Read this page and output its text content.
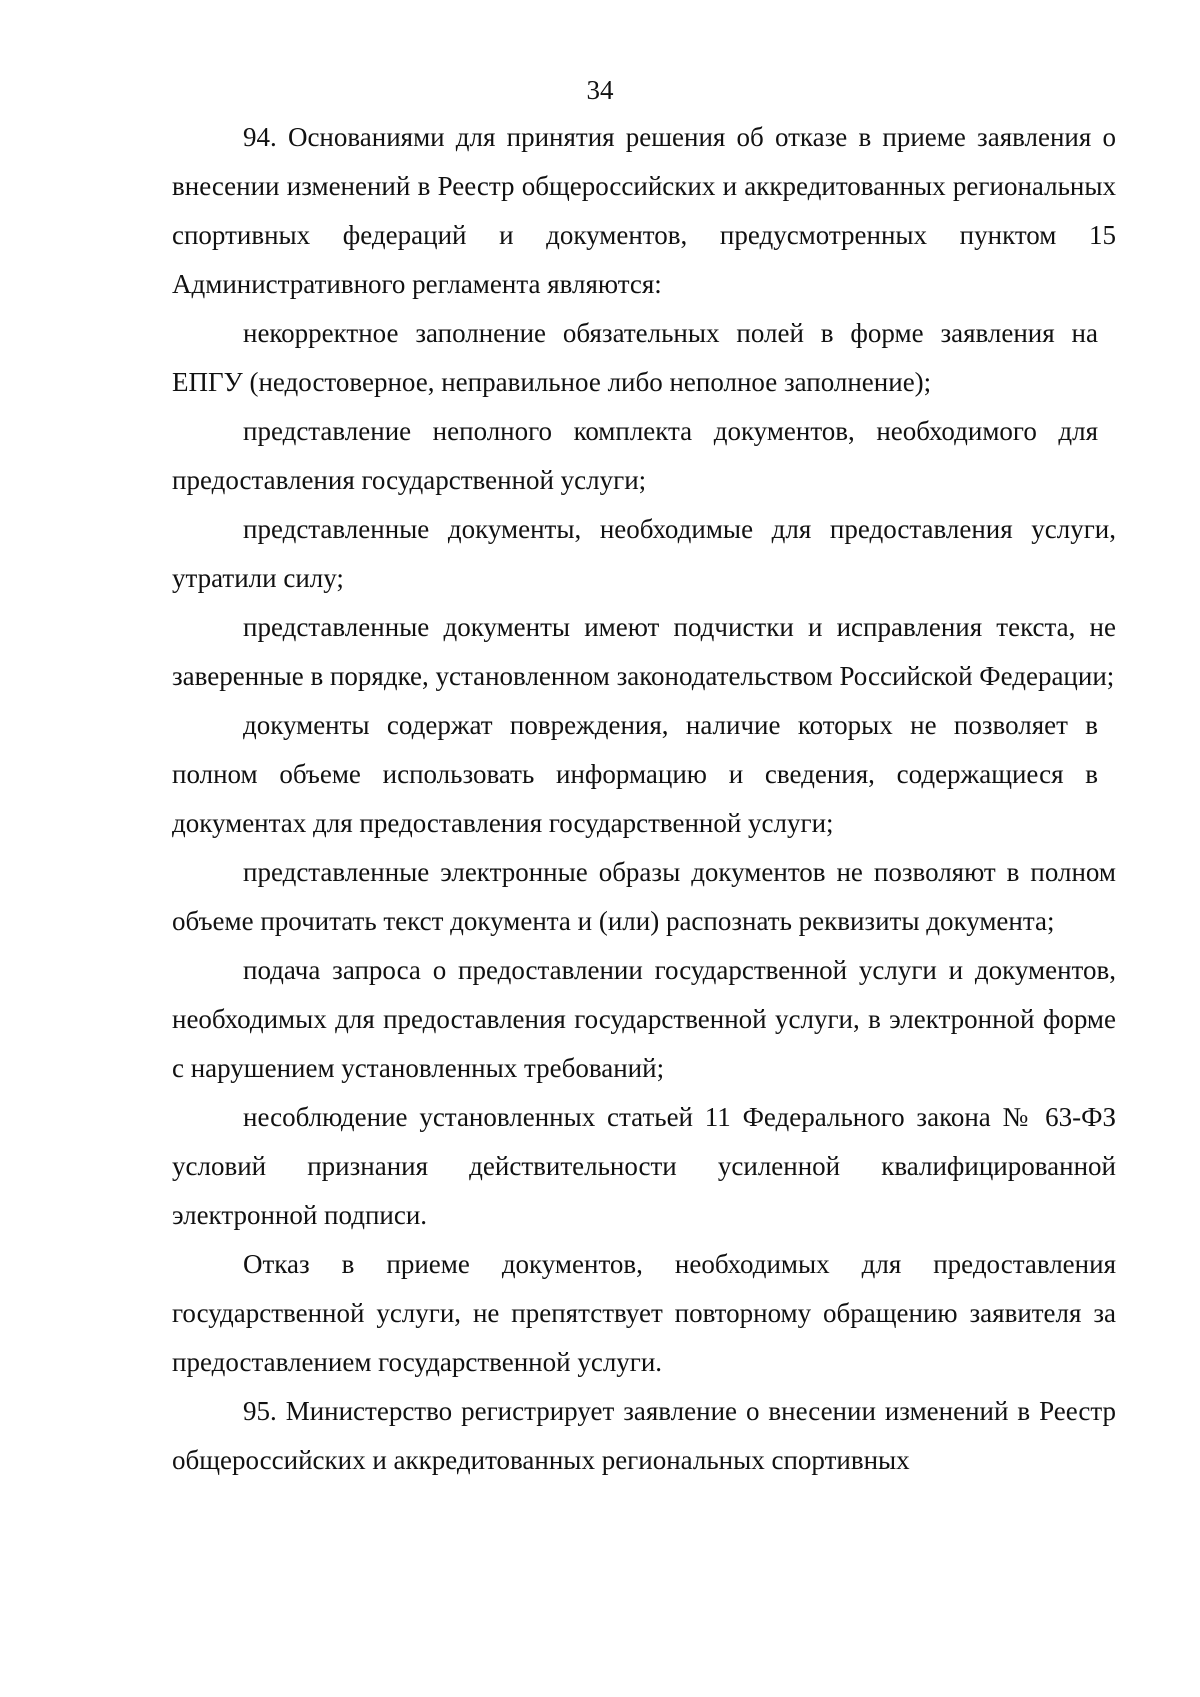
34

94. Основаниями для принятия решения об отказе в приеме заявления о внесении изменений в Реестр общероссийских и аккредитованных региональных спортивных федераций и документов, предусмотренных пунктом 15 Административного регламента являются:

некорректное заполнение обязательных полей в форме заявления на ЕПГУ (недостоверное, неправильное либо неполное заполнение);

представление неполного комплекта документов, необходимого для предоставления государственной услуги;

представленные документы, необходимые для предоставления услуги, утратили силу;

представленные документы имеют подчистки и исправления текста, не заверенные в порядке, установленном законодательством Российской Федерации;

документы содержат повреждения, наличие которых не позволяет в полном объеме использовать информацию и сведения, содержащиеся в документах для предоставления государственной услуги;

представленные электронные образы документов не позволяют в полном объеме прочитать текст документа и (или) распознать реквизиты документа;

подача запроса о предоставлении государственной услуги и документов, необходимых для предоставления государственной услуги, в электронной форме с нарушением установленных требований;

несоблюдение установленных статьей 11 Федерального закона № 63-ФЗ условий признания действительности усиленной квалифицированной электронной подписи.

Отказ в приеме документов, необходимых для предоставления государственной услуги, не препятствует повторному обращению заявителя за предоставлением государственной услуги.

95. Министерство регистрирует заявление о внесении изменений в Реестр общероссийских и аккредитованных региональных спортивных
